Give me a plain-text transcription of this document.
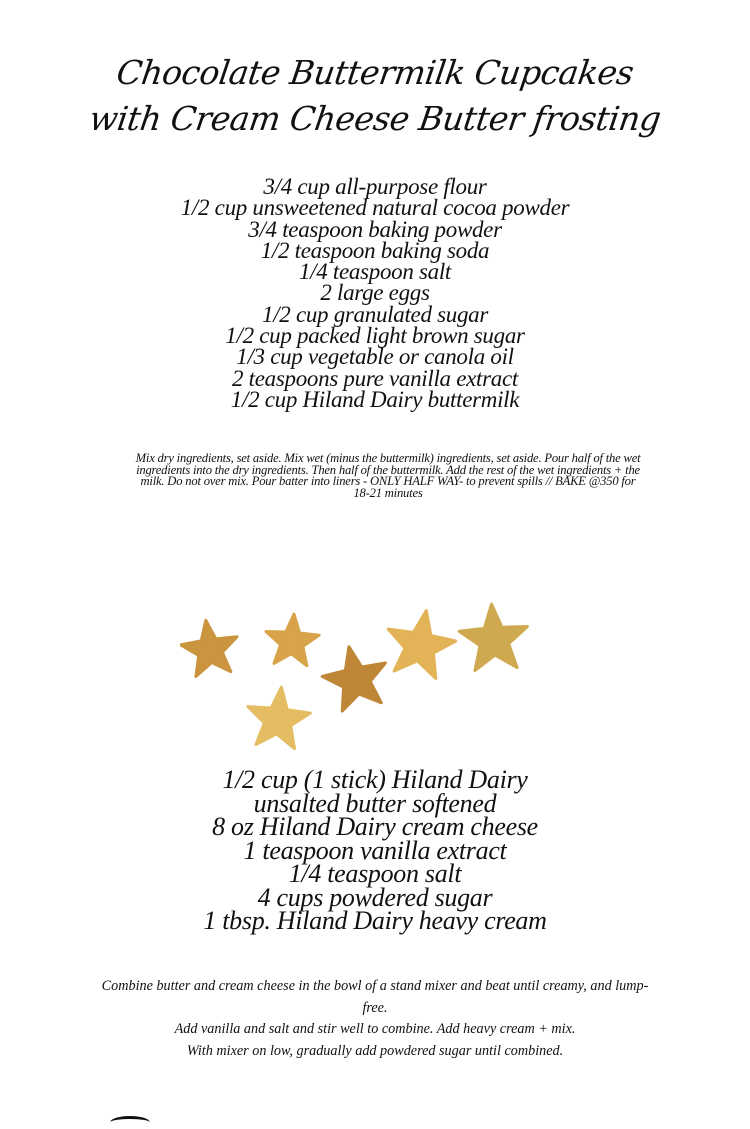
Chocolate Buttermilk Cupcakes
with Cream Cheese Butter frosting
3/4 cup all-purpose flour
1/2 cup unsweetened natural cocoa powder
3/4 teaspoon baking powder
1/2 teaspoon baking soda
1/4 teaspoon salt
2 large eggs
1/2 cup granulated sugar
1/2 cup packed light brown sugar
1/3 cup vegetable or canola oil
2 teaspoons pure vanilla extract
1/2 cup Hiland Dairy buttermilk
Mix dry ingredients, set aside. Mix wet (minus the buttermilk) ingredients, set aside. Pour half of the wet
ingredients into the dry ingredients. Then half of the buttermilk. Add the rest of the wet ingredients + the
milk. Do not over mix. Pour batter into liners - ONLY HALF WAY- to prevent spills // BAKE @350 for
18-21 minutes
1/2 cup (1 stick) Hiland Dairy
unsalted butter softened
8 oz Hiland Dairy cream cheese
1 teaspoon vanilla extract
1/4 teaspoon salt
4 cups powdered sugar
1 tbsp. Hiland Dairy heavy cream
Combine butter and cream cheese in the bowl of a stand mixer and beat until creamy, and lump-
free.
Add vanilla and salt and stir well to combine. Add heavy cream + mix.
With mixer on low, gradually add powdered sugar until combined.
